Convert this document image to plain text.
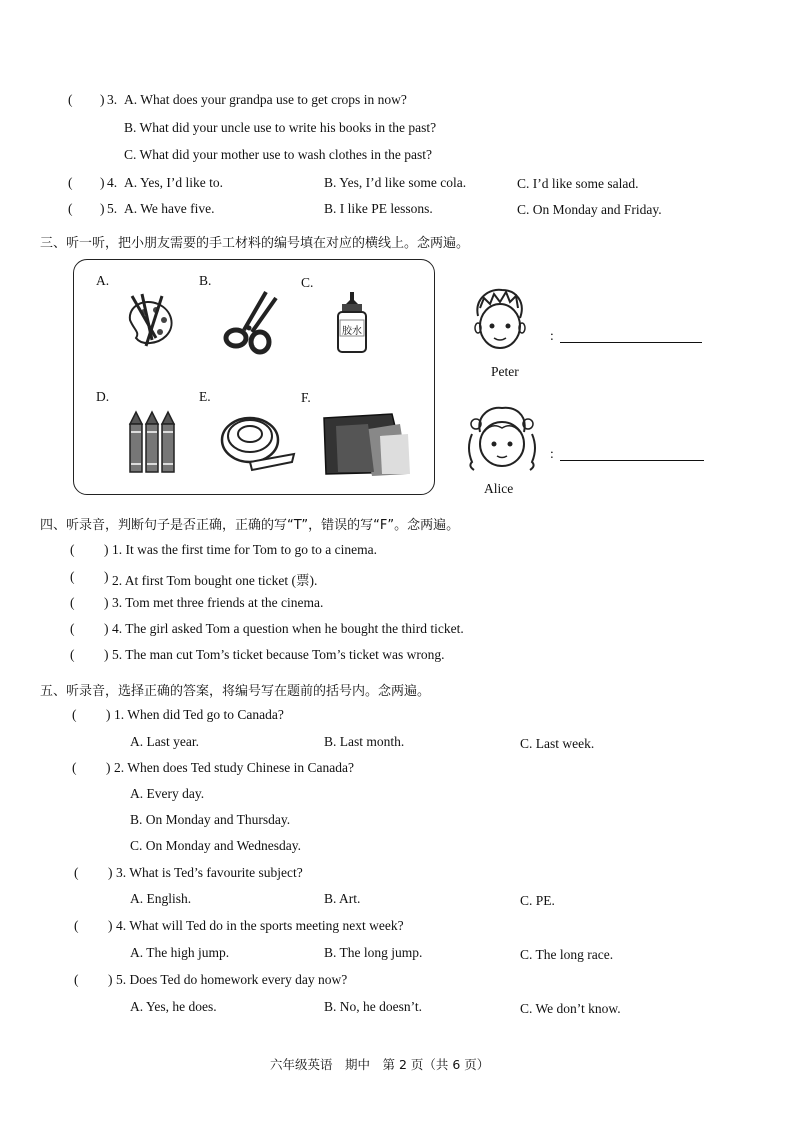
( ) 3. A. What does your grandpa use to get crops in now?
B. What did your uncle use to write his books in the past?
C. What did your mother use to wash clothes in the past?
( ) 4. A. Yes, I’d like to.	B. Yes, I’d like some cola.	C. I’d like some salad.
( ) 5. A. We have five.	B. I like PE lessons.	C. On Monday and Friday.
三、听一听，把小朋友需要的手工材料的编号填在对应的横线上。念两遍。
A.	B.	C.
D.	E.	F.
胶水
Peter
:
Alice
:
四、听录音，判断句子是否正确，正确的写“T”，错误的写“F”。念两遍。
( ) 1. It was the first time for Tom to go to a cinema.
( ) 2. At first Tom bought one ticket (票).
( ) 3. Tom met three friends at the cinema.
( ) 4. The girl asked Tom a question when he bought the third ticket.
( ) 5. The man cut Tom’s ticket because Tom’s ticket was wrong.
五、听录音，选择正确的答案，将编号写在题前的括号内。念两遍。
( ) 1. When did Ted go to Canada?
A. Last year.	B. Last month.	C. Last week.
( ) 2. When does Ted study Chinese in Canada?
A. Every day.
B. On Monday and Thursday.
C. On Monday and Wednesday.
( ) 3. What is Ted’s favourite subject?
A. English.	B. Art.	C. PE.
( ) 4. What will Ted do in the sports meeting next week?
A. The high jump.	B. The long jump.	C. The long race.
( ) 5. Does Ted do homework every day now?
A. Yes, he does.	B. No, he doesn’t.	C. We don’t know.
六年级英语　期中　第 2 页（共 6 页）
